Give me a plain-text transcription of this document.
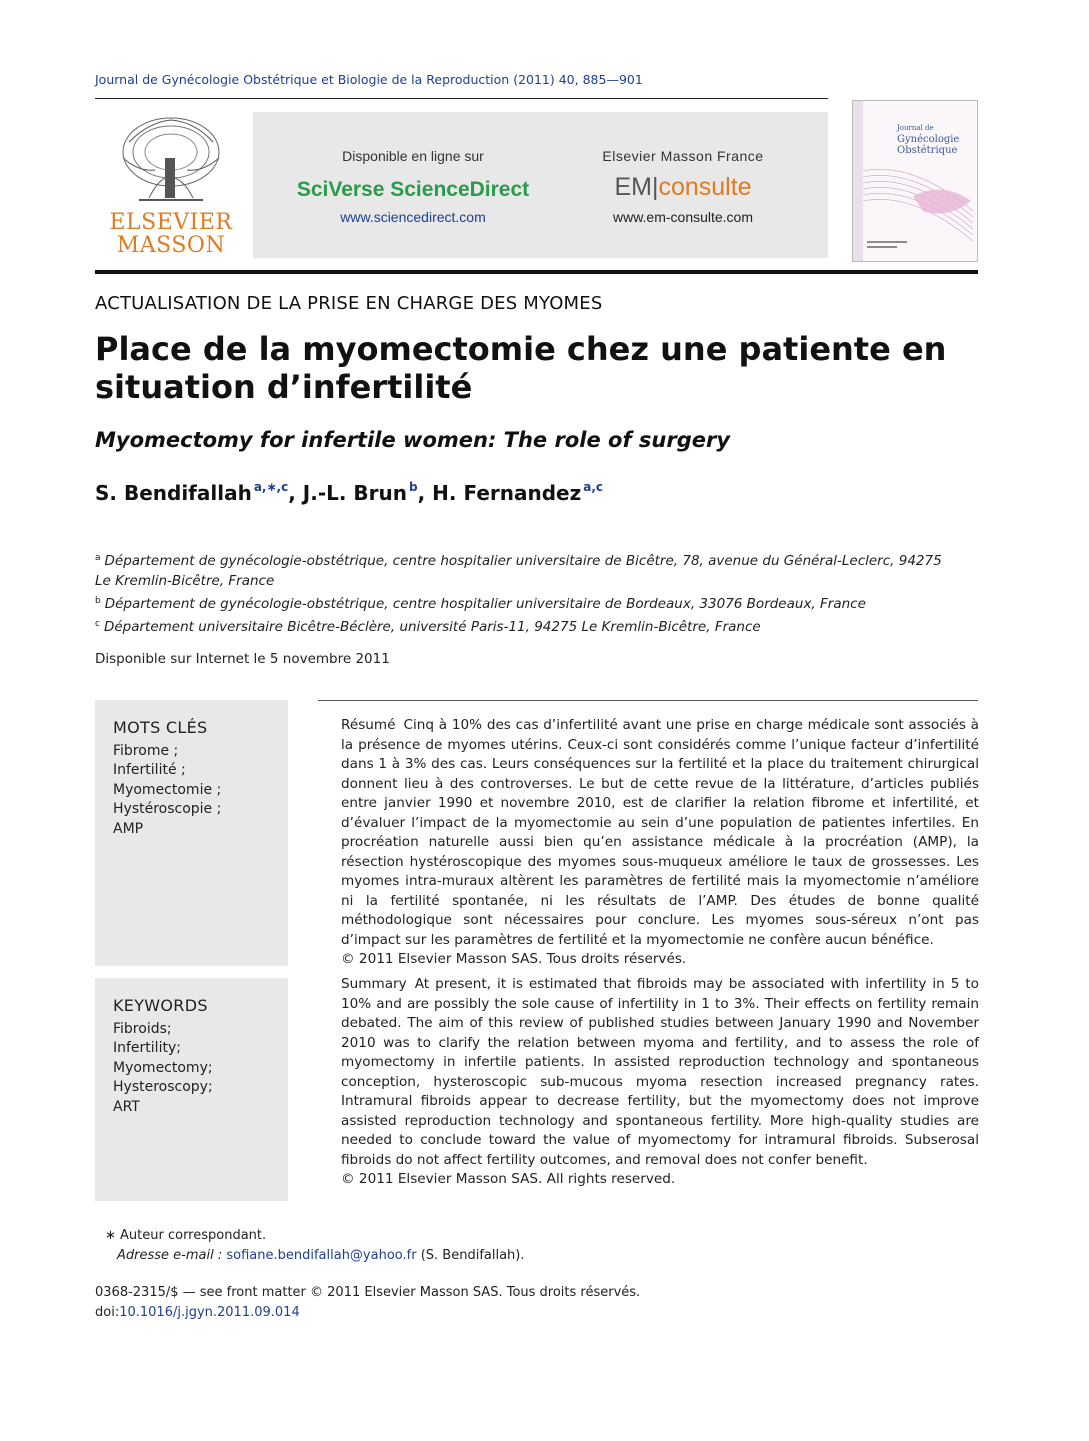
Journal de Gynécologie Obstétrique et Biologie de la Reproduction (2011) 40, 885—901
ELSEVIER
MASSON
Disponible en ligne sur
SciVerse ScienceDirect
www.sciencedirect.com
Elsevier Masson France
EM|consulte
www.em-consulte.com
Journal de
Gynécologie
Obstétrique
ACTUALISATION DE LA PRISE EN CHARGE DES MYOMES
Place de la myomectomie chez une patiente en situation d’infertilité
Myomectomy for infertile women: The role of surgery
S. Bendifallah $^{a,∗,c}$, J.-L. Brun $^b$, H. Fernandez $^{a,c}$

$^a$ Département de gynécologie-obstétrique, centre hospitalier universitaire de Bicêtre, 78, avenue du Général-Leclerc, 94275 Le Kremlin-Bicêtre, France

$^b$ Département de gynécologie-obstétrique, centre hospitalier universitaire de Bordeaux, 33076 Bordeaux, France

$^c$ Département universitaire Bicêtre-Béclère, université Paris-11, 94275 Le Kremlin-Bicêtre, France

Disponible sur Internet le 5 novembre 2011
MOTS CLÉS
Fibrome ;
Infertilité ;
Myomectomie ;
Hystéroscopie ;
AMP
KEYWORDS
Fibroids;
Infertility;
Myomectomy;
Hysteroscopy;
ART
Résumé Cinq à 10% des cas d’infertilité avant une prise en charge médicale sont associés à la présence de myomes utérins. Ceux-ci sont considérés comme l’unique facteur d’infertilité dans 1 à 3% des cas. Leurs conséquences sur la fertilité et la place du traitement chirurgical donnent lieu à des controverses. Le but de cette revue de la littérature, d’articles publiés entre janvier 1990 et novembre 2010, est de clarifier la relation fibrome et infertilité, et d’évaluer l’impact de la myomectomie au sein d’une population de patientes infertiles. En procréation naturelle aussi bien qu’en assistance médicale à la procréation (AMP), la résection hystéroscopique des myomes sous-muqueux améliore le taux de grossesses. Les myomes intra-muraux altèrent les paramètres de fertilité mais la myomectomie n’améliore ni la fertilité spontanée, ni les résultats de l’AMP. Des études de bonne qualité méthodologique sont nécessaires pour conclure. Les myomes sous-séreux n’ont pas d’impact sur les paramètres de fertilité et la myomectomie ne confère aucun bénéfice.
© 2011 Elsevier Masson SAS. Tous droits réservés.
Summary At present, it is estimated that fibroids may be associated with infertility in 5 to 10% and are possibly the sole cause of infertility in 1 to 3%. Their effects on fertility remain debated. The aim of this review of published studies between January 1990 and November 2010 was to clarify the relation between myoma and fertility, and to assess the role of myomectomy in infertile patients. In assisted reproduction technology and spontaneous conception, hysteroscopic sub-mucous myoma resection increased pregnancy rates. Intramural fibroids appear to decrease fertility, but the myomectomy does not improve assisted reproduction technology and spontaneous fertility. More high-quality studies are needed to conclude toward the value of myomectomy for intramural fibroids. Subserosal fibroids do not affect fertility outcomes, and removal does not confer benefit.
© 2011 Elsevier Masson SAS. All rights reserved.
∗ Auteur correspondant.
Adresse e-mail : sofiane.bendifallah@yahoo.fr (S. Bendifallah).
0368-2315/$ — see front matter © 2011 Elsevier Masson SAS. Tous droits réservés.
doi:10.1016/j.jgyn.2011.09.014
